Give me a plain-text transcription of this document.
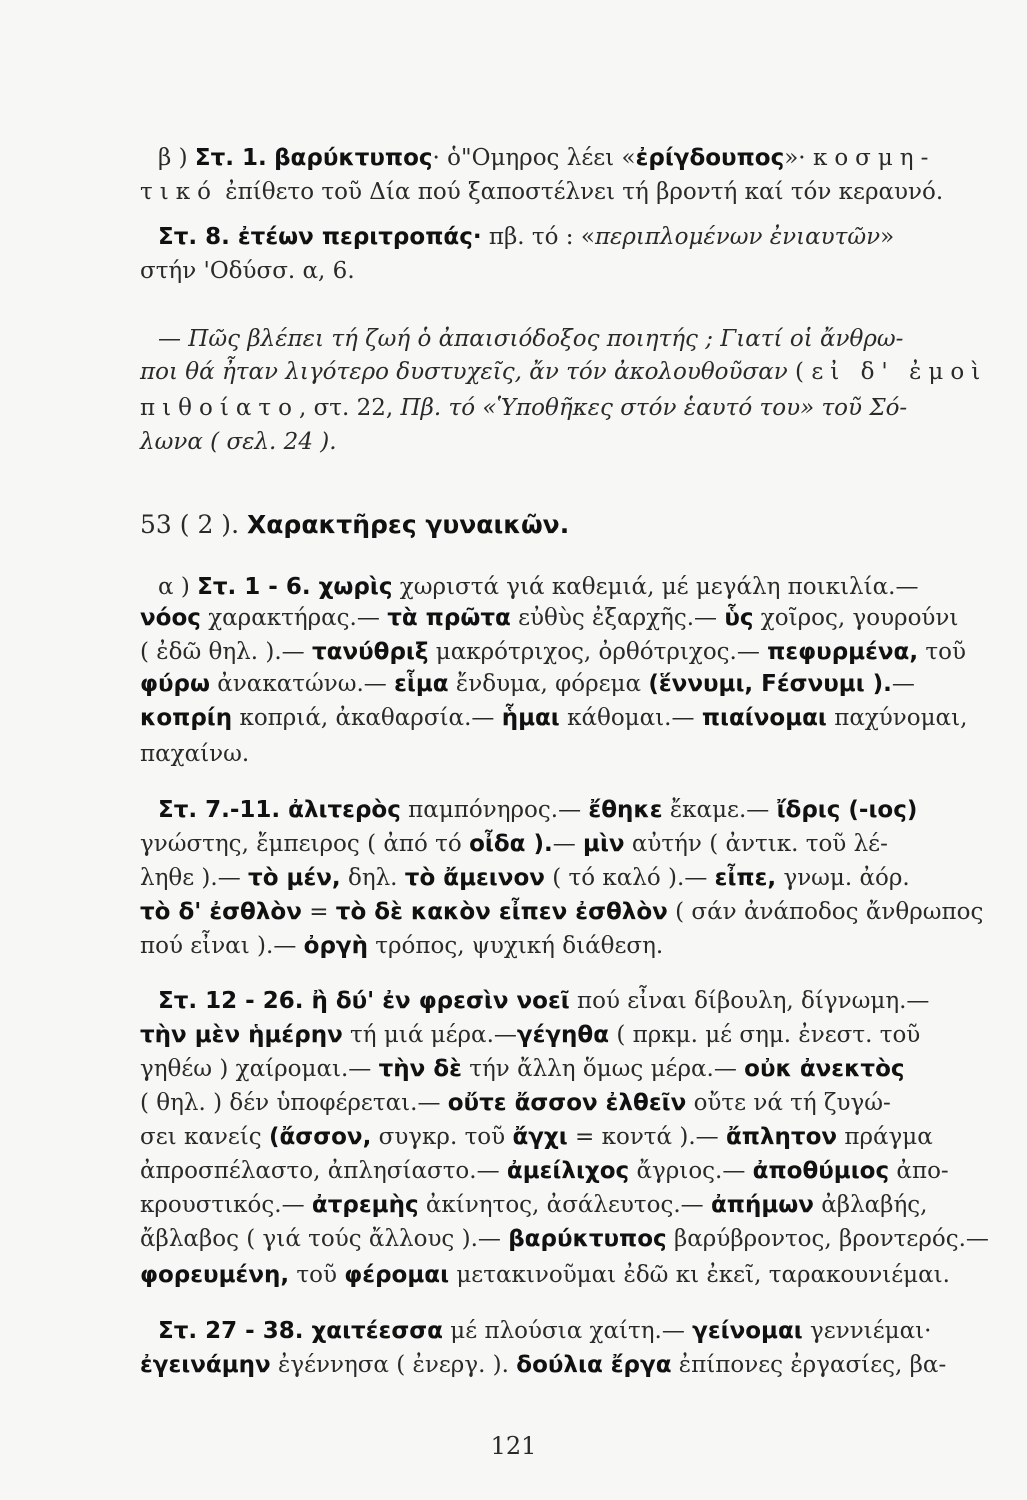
β ) Στ. 1. βαρύκτυπος· ὁ"Ομηρος λέει «ἐρίγδουπος»· κοσμη-
τικό ἐπίθετο τοῦ Δία πού ξαποστέλνει τή βροντή καί τόν κεραυνό.
Στ. 8. ἐτέων περιτροπάς· πβ. τό : «περιπλομένων ἐνιαυτῶν»
στήν 'Οδύσσ. α, 6.
— Πῶς βλέπει τή ζωή ὁ ἀπαισιόδοξος ποιητής ; Γιατί οἱ ἄνθρω-
ποι θά ἦταν λιγότερο δυστυχεῖς, ἄν τόν ἀκολουθοῦσαν ( εἰ δ' ἐμοὶ
πιθοίατο, στ. 22, Πβ. τό «Ὑποθῆκες στόν ἑαυτό του» τοῦ Σό-
λωνα ( σελ. 24 ).
53 ( 2 ). Χαρακτῆρες γυναικῶν.
α ) Στ. 1 - 6. χωρὶς χωριστά γιά καθεμιά, μέ μεγάλη ποικιλία.—
νόος χαρακτήρας.— τὰ πρῶτα εὐθὺς ἐξαρχῆς.— ὗς χοῖρος, γουρούνι
( ἐδῶ θηλ. ).— τανύθριξ μακρότριχος, ὀρθότριχος.— πεφυρμένα, τοῦ
φύρω ἀνακατώνω.— εἷμα ἔνδυμα, φόρεμα (ἕννυμι, Fέσνυμι ).—
κοπρίη κοπριά, ἀκαθαρσία.— ἧμαι κάθομαι.— πιαίνομαι παχύνομαι,
παχαίνω.
Στ. 7.-11. ἀλιτερὸς παμπόνηρος.— ἔθηκε ἔκαμε.— ἴδρις (-ιος)
γνώστης, ἔμπειρος ( ἀπό τό οἶδα ).— μὶν αὐτήν ( ἀντικ. τοῦ λέ-
ληθε ).— τὸ μέν, δηλ. τὸ ἄμεινον ( τό καλό ).— εἶπε, γνωμ. ἀόρ.
τὸ δ' ἐσθλὸν = τὸ δὲ κακὸν εἶπεν ἐσθλὸν ( σάν ἀνάποδος ἄνθρωπος
πού εἶναι ).— ὀργὴ τρόπος, ψυχική διάθεση.
Στ. 12 - 26. ἢ δύ' ἐν φρεσὶν νοεῖ πού εἶναι δίβουλη, δίγνωμη.—
τὴν μὲν ἡμέρην τή μιά μέρα.—γέγηθα ( πρκμ. μέ σημ. ἐνεστ. τοῦ
γηθέω ) χαίρομαι.— τὴν δὲ τήν ἄλλη ὅμως μέρα.— οὐκ ἀνεκτὸς
( θηλ. ) δέν ὑποφέρεται.— οὔτε ἄσσον ἐλθεῖν οὔτε νά τή ζυγώ-
σει κανείς (ἄσσον, συγκρ. τοῦ ἄγχι = κοντά ).— ἄπλητον πράγμα
ἀπροσπέλαστο, ἀπλησίαστο.— ἀμείλιχος ἄγριος.— ἀποθύμιος ἀπο-
κρουστικός.— ἀτρεμὴς ἀκίνητος, ἀσάλευτος.— ἀπήμων ἀβλαβής,
ἄβλαβος ( γιά τούς ἄλλους ).— βαρύκτυπος βαρύβροντος, βροντερός.—
φορευμένη, τοῦ φέρομαι μετακινοῦμαι ἐδῶ κι ἐκεῖ, ταρακουνιέμαι.
Στ. 27 - 38. χαιτέεσσα μέ πλούσια χαίτη.— γείνομαι γεννιέμαι·
ἐγεινάμην ἐγέννησα ( ἐνεργ. ). δούλια ἔργα ἐπίπονες ἐργασίες, βα-
121
